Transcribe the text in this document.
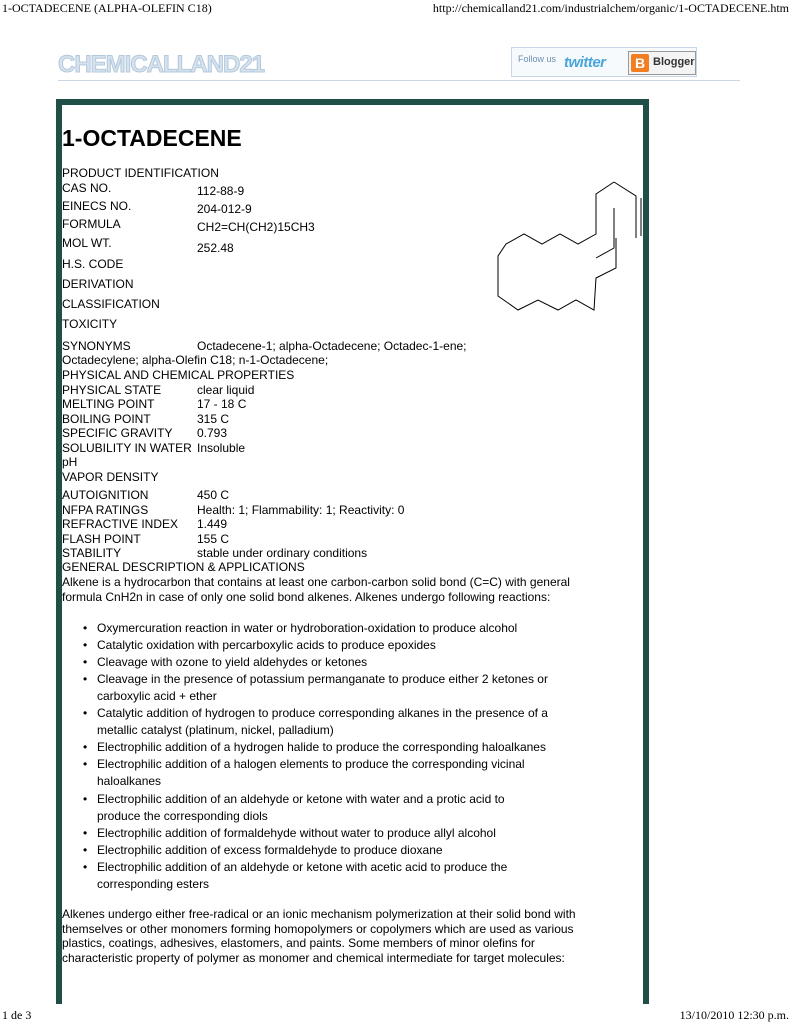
1-OCTADECENE (ALPHA-OLEFIN C18)	http://chemicalland21.com/industrialchem/organic/1-OCTADECENE.htm
CHEMICALLAND21	Follow us twitter B Blogger
1-OCTADECENE
PRODUCT IDENTIFICATION
CAS NO.	112-88-9
EINECS NO.	204-012-9
FORMULA	CH2=CH(CH2)15CH3
MOL WT.	252.48
H.S. CODE
DERIVATION
CLASSIFICATION
TOXICITY
SYNONYMS	Octadecene-1; alpha-Octadecene; Octadec-1-ene;
Octadecylene; alpha-Olefin C18; n-1-Octadecene;
PHYSICAL AND CHEMICAL PROPERTIES
PHYSICAL STATE	clear liquid
MELTING POINT	17 - 18 C
BOILING POINT	315 C
SPECIFIC GRAVITY 0.793
SOLUBILITY IN WATER Insoluble
pH
VAPOR DENSITY
AUTOIGNITION	450 C
NFPA RATINGS	Health: 1; Flammability: 1; Reactivity: 0
REFRACTIVE INDEX 1.449
FLASH POINT	155 C
STABILITY	stable under ordinary conditions
GENERAL DESCRIPTION & APPLICATIONS
Alkene is a hydrocarbon that contains at least one carbon-carbon solid bond (C=C) with general
formula CnH2n in case of only one solid bond alkenes. Alkenes undergo following reactions:
• Oxymercuration reaction in water or hydroboration-oxidation to produce alcohol
• Catalytic oxidation with percarboxylic acids to produce epoxides
• Cleavage with ozone to yield aldehydes or ketones
• Cleavage in the presence of potassium permanganate to produce either 2 ketones or
carboxylic acid + ether
• Catalytic addition of hydrogen to produce corresponding alkanes in the presence of a
metallic catalyst (platinum, nickel, palladium)
• Electrophilic addition of a hydrogen halide to produce the corresponding haloalkanes
• Electrophilic addition of a halogen elements to produce the corresponding vicinal
haloalkanes
• Electrophilic addition of an aldehyde or ketone with water and a protic acid to
produce the corresponding diols
• Electrophilic addition of formaldehyde without water to produce allyl alcohol
• Electrophilic addition of excess formaldehyde to produce dioxane
• Electrophilic addition of an aldehyde or ketone with acetic acid to produce the
corresponding esters
Alkenes undergo either free-radical or an ionic mechanism polymerization at their solid bond with
themselves or other monomers forming homopolymers or copolymers which are used as various
plastics, coatings, adhesives, elastomers, and paints. Some members of minor olefins for
characteristic property of polymer as monomer and chemical intermediate for target molecules:
1 de 3	13/10/2010 12:30 p.m.
